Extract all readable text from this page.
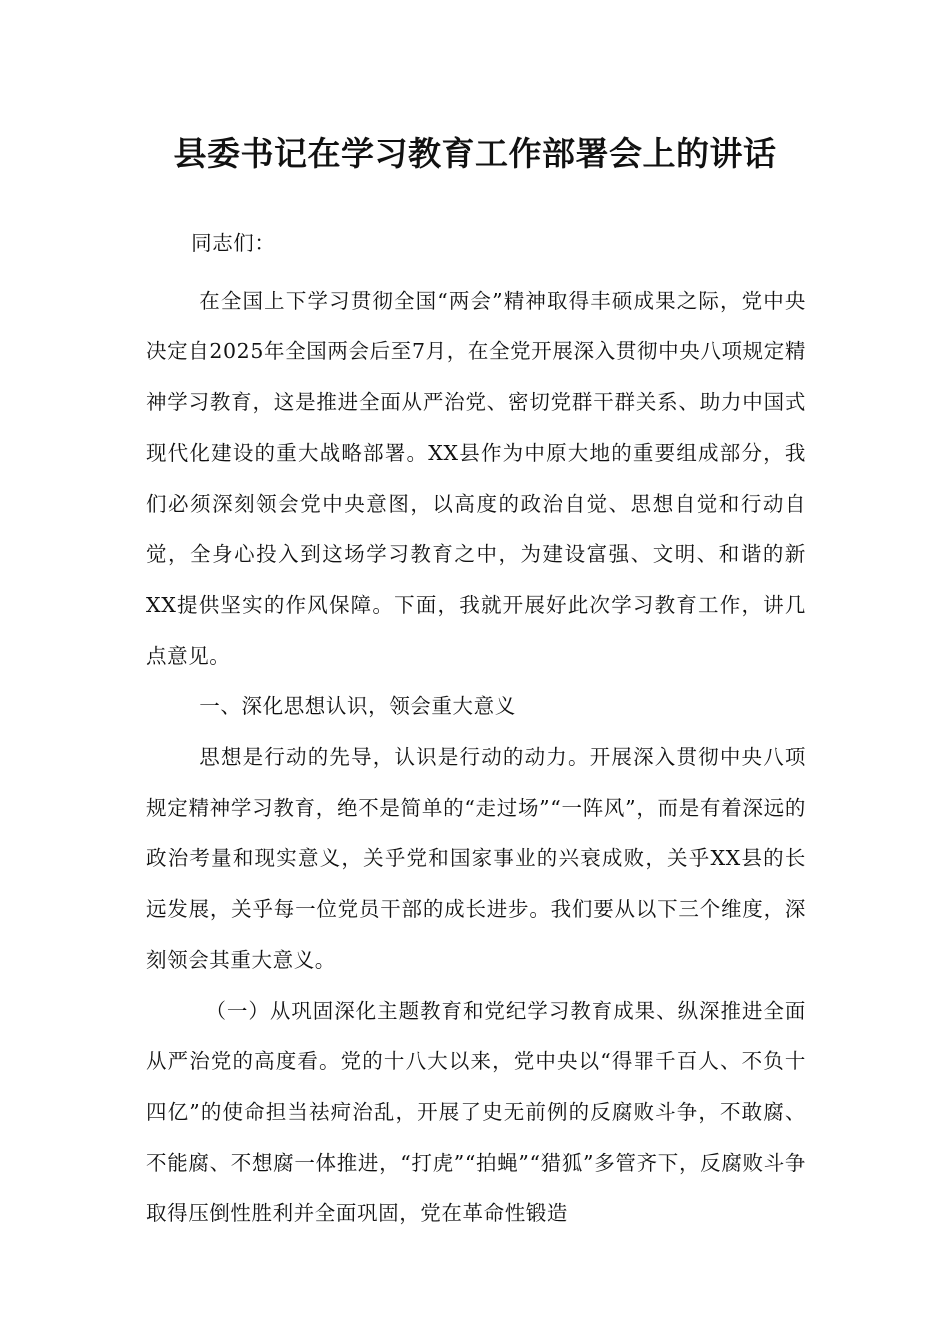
县委书记在学习教育工作部署会上的讲话

同志们：

在全国上下学习贯彻全国“两会”精神取得丰硕成果之际，党中央决定自2025年全国两会后至7月，在全党开展深入贯彻中央八项规定精神学习教育，这是推进全面从严治党、密切党群干群关系、助力中国式现代化建设的重大战略部署。XX县作为中原大地的重要组成部分，我们必须深刻领会党中央意图，以高度的政治自觉、思想自觉和行动自觉，全身心投入到这场学习教育之中，为建设富强、文明、和谐的新XX提供坚实的作风保障。下面，我就开展好此次学习教育工作，讲几点意见。

一、深化思想认识，领会重大意义

思想是行动的先导，认识是行动的动力。开展深入贯彻中央八项规定精神学习教育，绝不是简单的“走过场”“一阵风”，而是有着深远的政治考量和现实意义，关乎党和国家事业的兴衰成败，关乎XX县的长远发展，关乎每一位党员干部的成长进步。我们要从以下三个维度，深刻领会其重大意义。

（一）从巩固深化主题教育和党纪学习教育成果、纵深推进全面从严治党的高度看。党的十八大以来，党中央以“得罪千百人、不负十四亿”的使命担当祛疴治乱，开展了史无前例的反腐败斗争，不敢腐、不能腐、不想腐一体推进，“打虎”“拍蝇”“猎狐”多管齐下，反腐败斗争取得压倒性胜利并全面巩固，党在革命性锻造
